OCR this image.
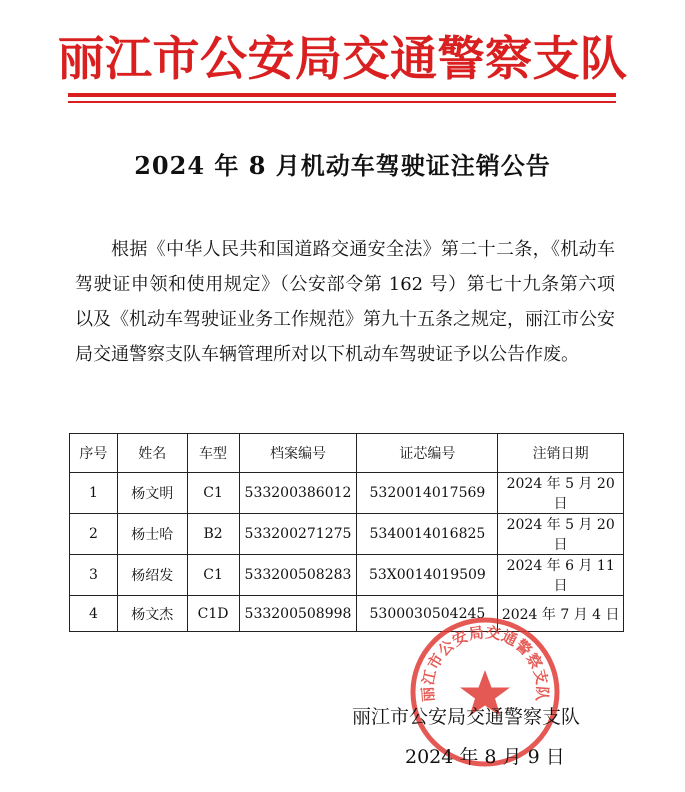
丽江市公安局交通警察支队
2024 年 8 月机动车驾驶证注销公告

根据《中华人民共和国道路交通安全法》第二十二条，《机动车驾驶证申领和使用规定》（公安部令第 162 号）第七十九条第六项以及《机动车驾驶证业务工作规范》第九十五条之规定，丽江市公安局交通警察支队车辆管理所对以下机动车驾驶证予以公告作废。

序号	姓名	车型	档案编号	证芯编号	注销日期
1	杨文明	C1	533200386012	5320014017569	2024 年 5 月 20 日
2	杨士哈	B2	533200271275	5340014016825	2024 年 5 月 20 日
3	杨绍发	C1	533200508283	53X0014019509	2024 年 6 月 11 日
4	杨文杰	C1D	533200508998	5300030504245	2024 年 7 月 4 日
丽江市公安局交通警察支队
丽江市公安局交通警察支队
2024 年 8 月 9 日
